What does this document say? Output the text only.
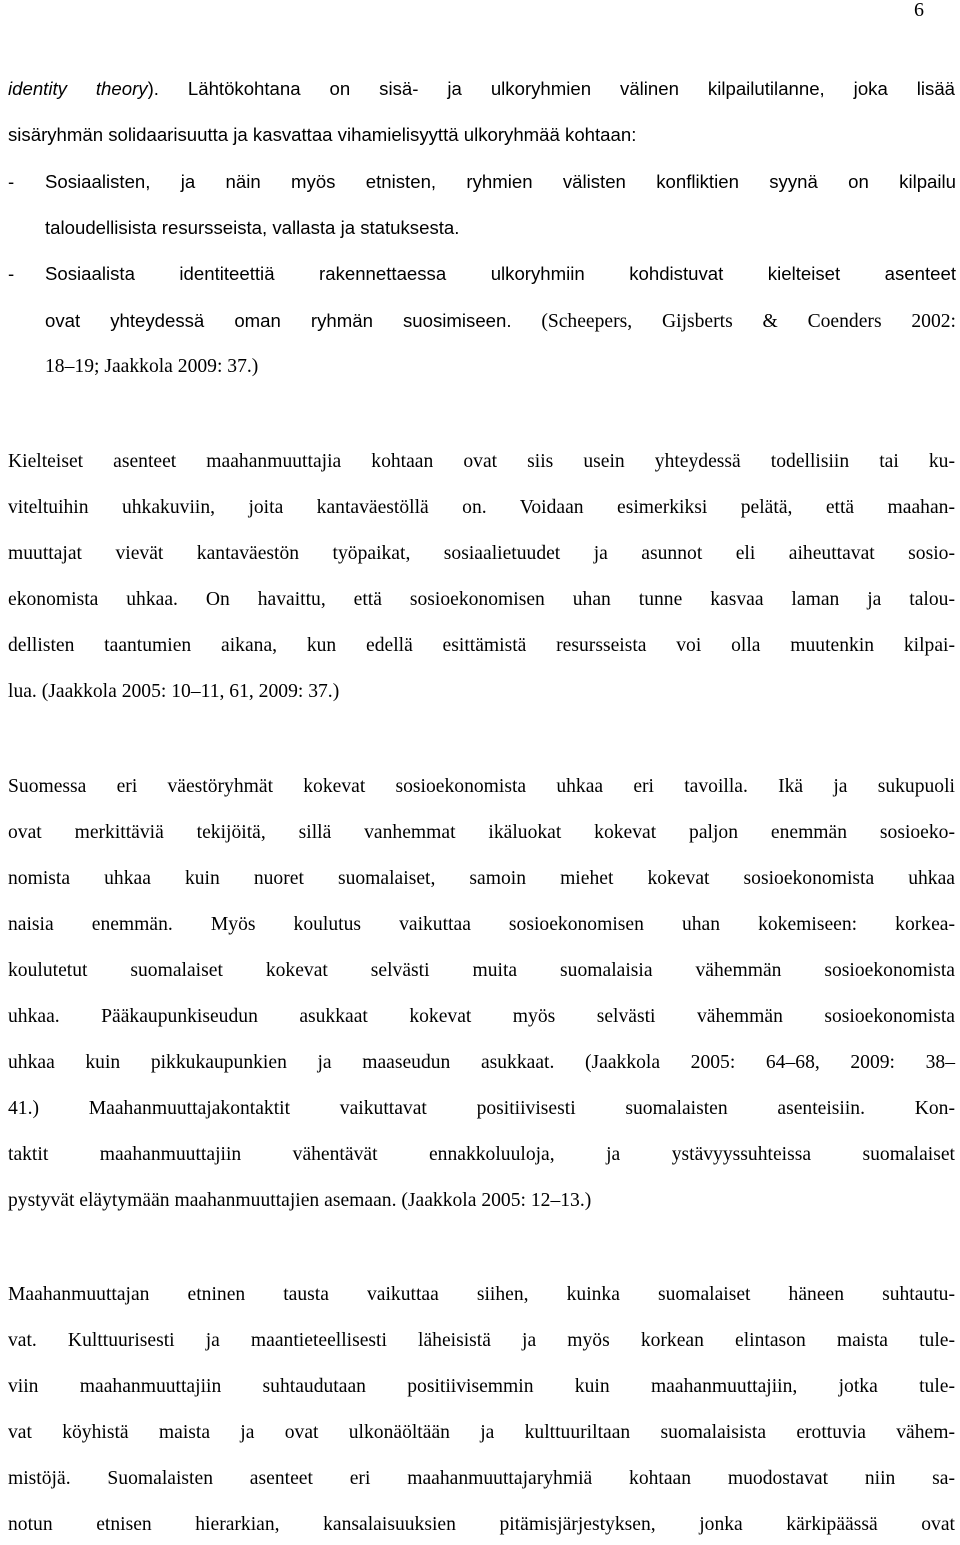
6
identity theory). Lähtökohtana on sisä- ja ulkoryhmien välinen kilpailutilanne, joka lisää
sisäryhmän solidaarisuutta ja kasvattaa vihamielisyyttä ulkoryhmää kohtaan:
-	Sosiaalisten, ja näin myös etnisten, ryhmien välisten konfliktien syynä on kilpailu
taloudellisista resursseista, vallasta ja statuksesta.
-	Sosiaalista identiteettiä rakennettaessa ulkoryhmiin kohdistuvat kielteiset asenteet
ovat yhteydessä oman ryhmän suosimiseen. (Scheepers, Gijsberts & Coenders 2002:
18–19; Jaakkola 2009: 37.)
Kielteiset asenteet maahanmuuttajia kohtaan ovat siis usein yhteydessä todellisiin tai ku-
viteltuihin uhkakuviin, joita kantaväestöllä on. Voidaan esimerkiksi pelätä, että maahan-
muuttajat vievät kantaväestön työpaikat, sosiaalietuudet ja asunnot eli aiheuttavat sosio-
ekonomista uhkaa. On havaittu, että sosioekonomisen uhan tunne kasvaa laman ja talou-
dellisten taantumien aikana, kun edellä esittämistä resursseista voi olla muutenkin kilpai-
lua. (Jaakkola 2005: 10–11, 61, 2009: 37.)
Suomessa eri väestöryhmät kokevat sosioekonomista uhkaa eri tavoilla. Ikä ja sukupuoli
ovat merkittäviä tekijöitä, sillä vanhemmat ikäluokat kokevat paljon enemmän sosioeko-
nomista uhkaa kuin nuoret suomalaiset, samoin miehet kokevat sosioekonomista uhkaa
naisia enemmän. Myös koulutus vaikuttaa sosioekonomisen uhan kokemiseen: korkea-
koulutetut suomalaiset kokevat selvästi muita suomalaisia vähemmän sosioekonomista
uhkaa. Pääkaupunkiseudun asukkaat kokevat myös selvästi vähemmän sosioekonomista
uhkaa kuin pikkukaupunkien ja maaseudun asukkaat. (Jaakkola 2005: 64–68, 2009: 38–
41.) Maahanmuuttajakontaktit vaikuttavat positiivisesti suomalaisten asenteisiin. Kon-
taktit maahanmuuttajiin vähentävät ennakkoluuloja, ja ystävyyssuhteissa suomalaiset
pystyvät eläytymään maahanmuuttajien asemaan. (Jaakkola 2005: 12–13.)
Maahanmuuttajan etninen tausta vaikuttaa siihen, kuinka suomalaiset häneen suhtautu-
vat. Kulttuurisesti ja maantieteellisesti läheisistä ja myös korkean elintason maista tule-
viin maahanmuuttajiin suhtaudutaan positiivisemmin kuin maahanmuuttajiin, jotka tule-
vat köyhistä maista ja ovat ulkonäöltään ja kulttuuriltaan suomalaisista erottuvia vähem-
mistöjä. Suomalaisten asenteet eri maahanmuuttajaryhmiä kohtaan muodostavat niin sa-
notun etnisen hierarkian, kansalaisuuksien pitämisjärjestyksen, jonka kärkipäässä ovat
